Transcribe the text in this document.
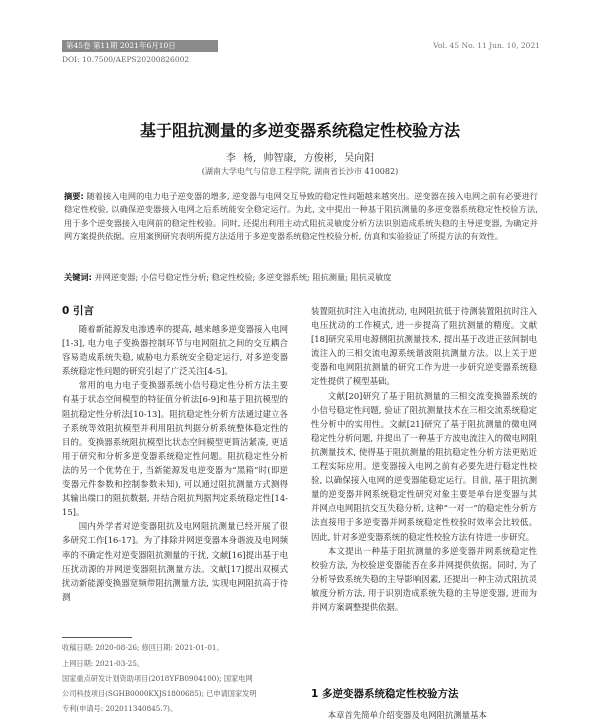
第45卷 第11期 2021年6月10日	Vol. 45 No. 11 Jun. 10, 2021
DOI: 10.7500/AEPS20200826002
基于阻抗测量的多逆变器系统稳定性校验方法
李 杨, 帅智康, 方俊彬, 吴向阳
(湖南大学电气与信息工程学院, 湖南省长沙市 410082)
摘要: 随着接入电网的电力电子逆变器的增多, 逆变器与电网交互导致的稳定性问题越来越突出。逆变器在接入电网之前有必要进行稳定性校验, 以确保逆变器接入电网之后系统能安全稳定运行。为此, 文中提出一种基于阻抗测量的多逆变器系统稳定性校验方法, 用于多个逆变器接入电网前的稳定性校验。同时, 还提出利用主动式阻抗灵敏度分析方法识别造成系统失稳的主导逆变器, 为确定并网方案提供依据。应用案例研究表明所提方法适用于多逆变器系统稳定性校验分析, 仿真和实验验证了所提方法的有效性。
关键词: 并网逆变器; 小信号稳定性分析; 稳定性校验; 多逆变器系统; 阻抗测量; 阻抗灵敏度
0 引言

随着新能源发电渗透率的提高, 越来越多逆变器接入电网[1-3], 电力电子变换器控制环节与电网阻抗之间的交互耦合容易造成系统失稳, 威胁电力系统安全稳定运行, 对多逆变器系统稳定性问题的研究引起了广泛关注[4-5]。

常用的电力电子变换器系统小信号稳定性分析方法主要有基于状态空间模型的特征值分析法[6-9]和基于阻抗模型的阻抗稳定性分析法[10-13]。阻抗稳定性分析方法通过建立各子系统等效阻抗模型并利用阻抗判据分析系统整体稳定性的目的。变换器系统阻抗模型比状态空间模型更简洁紧凑, 更适用于研究和分析多逆变器系统稳定性问题。阻抗稳定性分析法的另一个优势在于, 当新能源发电逆变器为“黑箱”时(即逆变器元件参数和控制参数未知), 可以通过阻抗测量方式测得其输出端口的阻抗数据, 并结合阻抗判据判定系统稳定性[14-15]。

国内外学者对逆变器阻抗及电网阻抗测量已经开展了很多研究工作[16-17]。为了排除并网逆变器本身谐波及电网频率的不确定性对逆变器阻抗测量的干扰, 文献[16]提出基于电压扰动源的并网逆变器阻抗测量方法。文献[17]提出双模式扰动新能源变换器宽频带阻抗测量方法, 实现电网阻抗高于待测

收稿日期: 2020-08-26; 修回日期: 2021-01-01。
上网日期: 2021-03-25。
国家重点研发计划资助项目(2018YFB0904100); 国家电网
公司科技项目(SGHB0000KXJS1800685); 已申请国家发明
专利(申请号: 202011340845.7)。

装置阻抗时注入电流扰动, 电网阻抗低于待测装置阻抗时注入电压扰动的工作模式, 进一步提高了阻抗测量的精度。文献[18]研究采用电源侧阻抗测量技术, 提出基于改进正弦间制电流注入的三相交流电源系统谐波阻抗测量方法。以上关于逆变器和电网阻抗测量的研究工作为进一步研究逆变器系统稳定性提供了模型基础。

文献[20]研究了基于阻抗测量的三相交流变换器系统的小信号稳定性问题, 验证了阻抗测量技术在三相交流系统稳定性分析中的实用性。文献[21]研究了基于阻抗测量的微电网稳定性分析问题, 并提出了一种基于方波电流注入的微电网阻抗测量技术, 使得基于阻抗测量的阻抗稳定性分析方法更贴近工程实际应用。逆变器接入电网之前有必要先进行稳定性校验, 以确保接入电网的逆变器能稳定运行。目前, 基于阻抗测量的逆变器并网系统稳定性研究对象主要是单台逆变器与其并网点电网阻抗交互失稳分析, 这种“一对一”的稳定性分析方法直接用于多逆变器并网系统稳定性校验时效率会比较低。因此, 针对多逆变器系统的稳定性校验方法有待进一步研究。

本文提出一种基于阻抗测量的多逆变器并网系统稳定性校验方法, 为校验逆变器能否在多并网提供依据。同时, 为了分析导致系统失稳的主导影响因素, 还提出一种主动式阻抗灵敏度分析方法, 用于识别造成系统失稳的主导逆变器, 进而为并网方案调整提供依据。

1 多逆变器系统稳定性校验方法

本章首先简单介绍变器及电网阻抗测量基本
